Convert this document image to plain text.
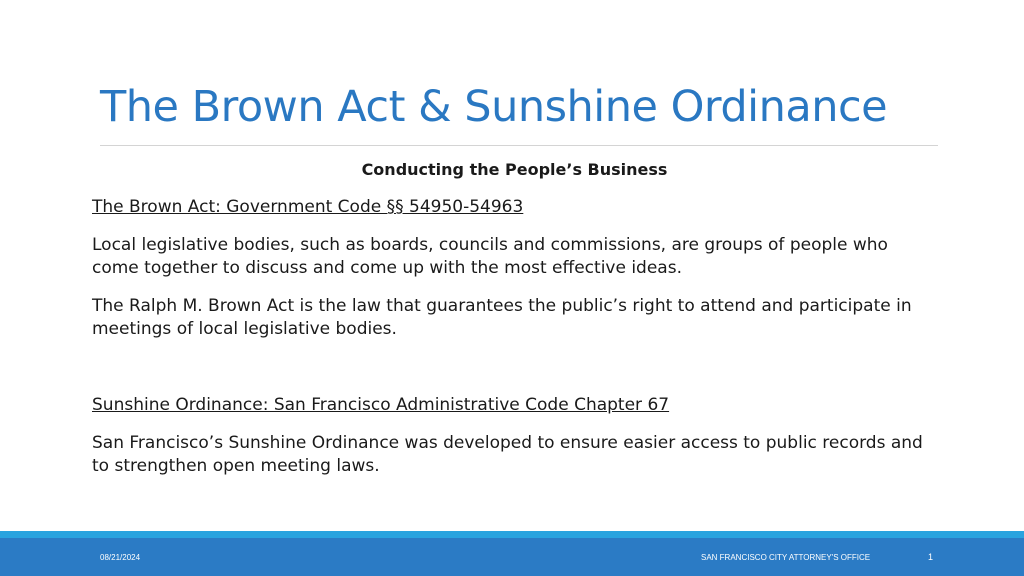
The Brown Act & Sunshine Ordinance

Conducting the People’s Business

The Brown Act: Government Code §§ 54950-54963

Local legislative bodies, such as boards, councils and commissions, are groups of people who come together to discuss and come up with the most effective ideas.

The Ralph M. Brown Act is the law that guarantees the public’s right to attend and participate in meetings of local legislative bodies.

Sunshine Ordinance: San Francisco Administrative Code Chapter 67

San Francisco’s Sunshine Ordinance was developed to ensure easier access to public records and to strengthen open meeting laws.

08/21/2024	SAN FRANCISCO CITY ATTORNEY'S OFFICE	1
